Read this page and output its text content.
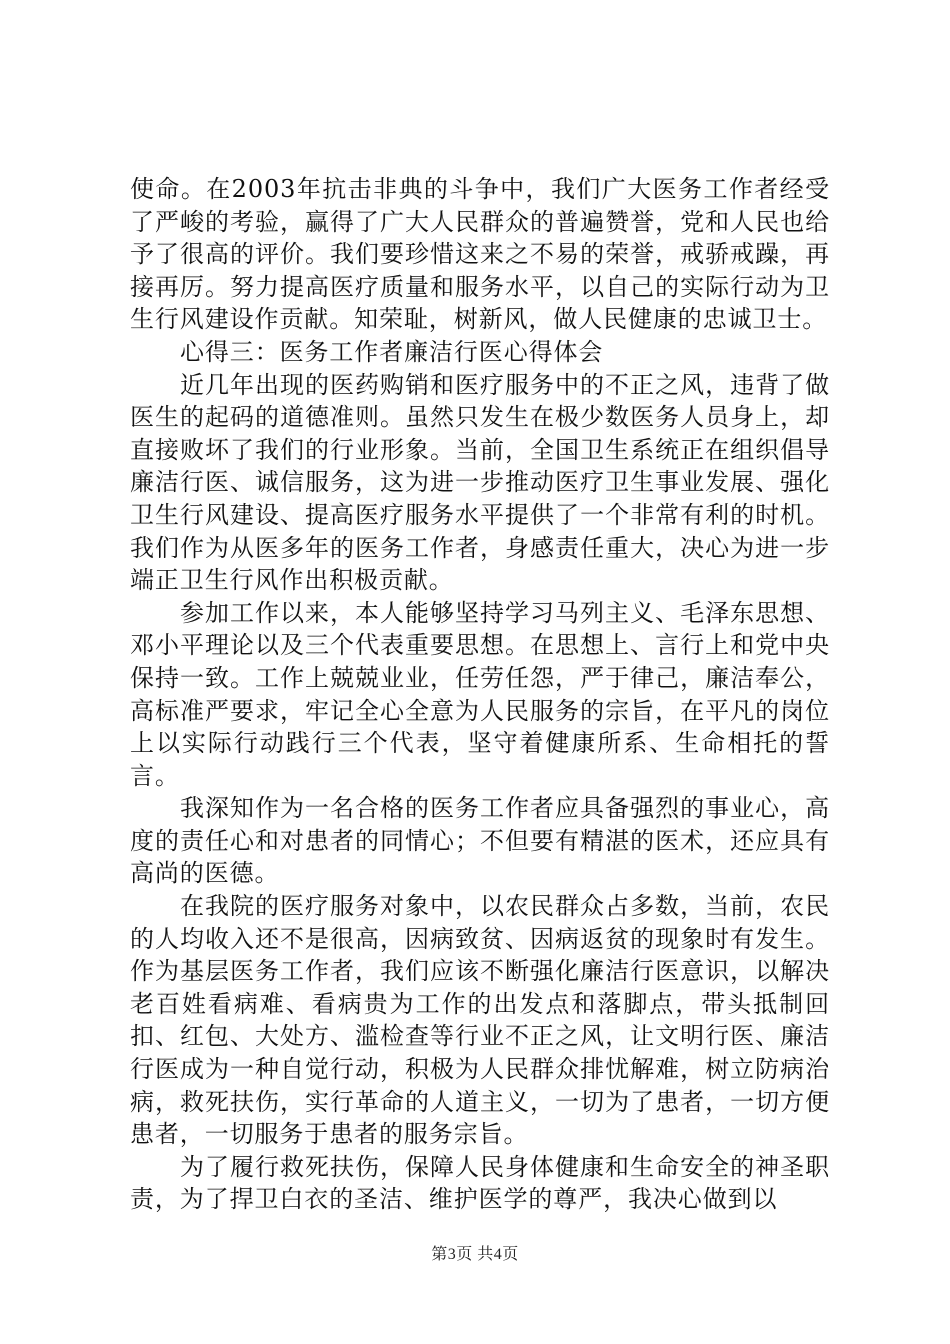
使命。在2003年抗击非典的斗争中，我们广大医务工作者经受了严峻的考验，赢得了广大人民群众的普遍赞誉，党和人民也给予了很高的评价。我们要珍惜这来之不易的荣誉，戒骄戒躁，再接再厉。努力提高医疗质量和服务水平，以自己的实际行动为卫生行风建设作贡献。知荣耻，树新风，做人民健康的忠诚卫士。

心得三：医务工作者廉洁行医心得体会

近几年出现的医药购销和医疗服务中的不正之风，违背了做医生的起码的道德准则。虽然只发生在极少数医务人员身上，却直接败坏了我们的行业形象。当前，全国卫生系统正在组织倡导廉洁行医、诚信服务，这为进一步推动医疗卫生事业发展、强化卫生行风建设、提高医疗服务水平提供了一个非常有利的时机。我们作为从医多年的医务工作者，身感责任重大，决心为进一步端正卫生行风作出积极贡献。

参加工作以来，本人能够坚持学习马列主义、毛泽东思想、邓小平理论以及三个代表重要思想。在思想上、言行上和党中央保持一致。工作上兢兢业业，任劳任怨，严于律己，廉洁奉公，高标准严要求，牢记全心全意为人民服务的宗旨，在平凡的岗位上以实际行动践行三个代表，坚守着健康所系、生命相托的誓言。

我深知作为一名合格的医务工作者应具备强烈的事业心，高度的责任心和对患者的同情心；不但要有精湛的医术，还应具有高尚的医德。

在我院的医疗服务对象中，以农民群众占多数，当前，农民的人均收入还不是很高，因病致贫、因病返贫的现象时有发生。作为基层医务工作者，我们应该不断强化廉洁行医意识，以解决老百姓看病难、看病贵为工作的出发点和落脚点，带头抵制回扣、红包、大处方、滥检查等行业不正之风，让文明行医、廉洁行医成为一种自觉行动，积极为人民群众排忧解难，树立防病治病，救死扶伤，实行革命的人道主义，一切为了患者，一切方便患者，一切服务于患者的服务宗旨。

为了履行救死扶伤，保障人民身体健康和生命安全的神圣职责，为了捍卫白衣的圣洁、维护医学的尊严，我决心做到以

第3页 共4页
